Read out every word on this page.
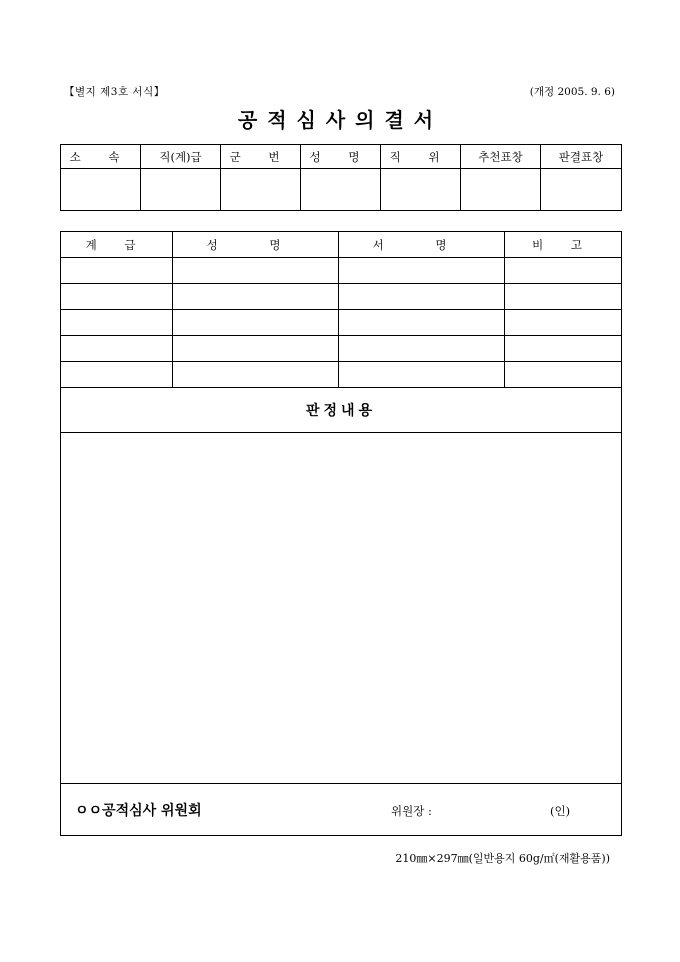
【별지 제3호 서식】	(개정 2005. 9. 6)
공적심사의결서
소 속	직(계)급	군 번	성 명	직 위	추천표창	판결표창

계 급	성 명	서 명	비 고

판정내용			

ㅇㅇ공적심사 위원회 위원장 : (인)			
210㎜×297㎜(일반용지 60g/㎡(재활용품))
